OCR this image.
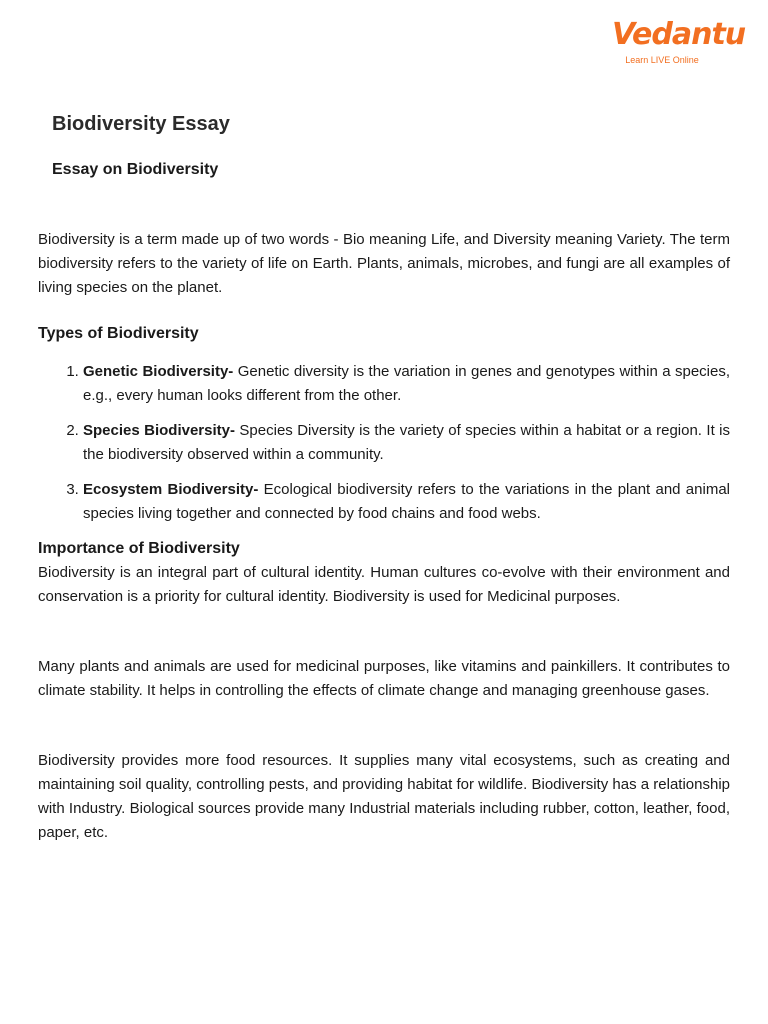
Vedantu
Learn LIVE Online
Biodiversity Essay
Essay on Biodiversity

Biodiversity is a term made up of two words - Bio meaning Life, and Diversity meaning Variety. The term biodiversity refers to the variety of life on Earth. Plants, animals, microbes, and fungi are all examples of living species on the planet.

Types of Biodiversity
1. Genetic Biodiversity- Genetic diversity is the variation in genes and genotypes within a species, e.g., every human looks different from the other.
2. Species Biodiversity- Species Diversity is the variety of species within a habitat or a region. It is the biodiversity observed within a community.
3. Ecosystem Biodiversity- Ecological biodiversity refers to the variations in the plant and animal species living together and connected by food chains and food webs.
Importance of Biodiversity

Biodiversity is an integral part of cultural identity. Human cultures co-evolve with their environment and conservation is a priority for cultural identity. Biodiversity is used for Medicinal purposes.

Many plants and animals are used for medicinal purposes, like vitamins and painkillers. It contributes to climate stability. It helps in controlling the effects of climate change and managing greenhouse gases.

Biodiversity provides more food resources. It supplies many vital ecosystems, such as creating and maintaining soil quality, controlling pests, and providing habitat for wildlife. Biodiversity has a relationship with Industry. Biological sources provide many Industrial materials including rubber, cotton, leather, food, paper, etc.
